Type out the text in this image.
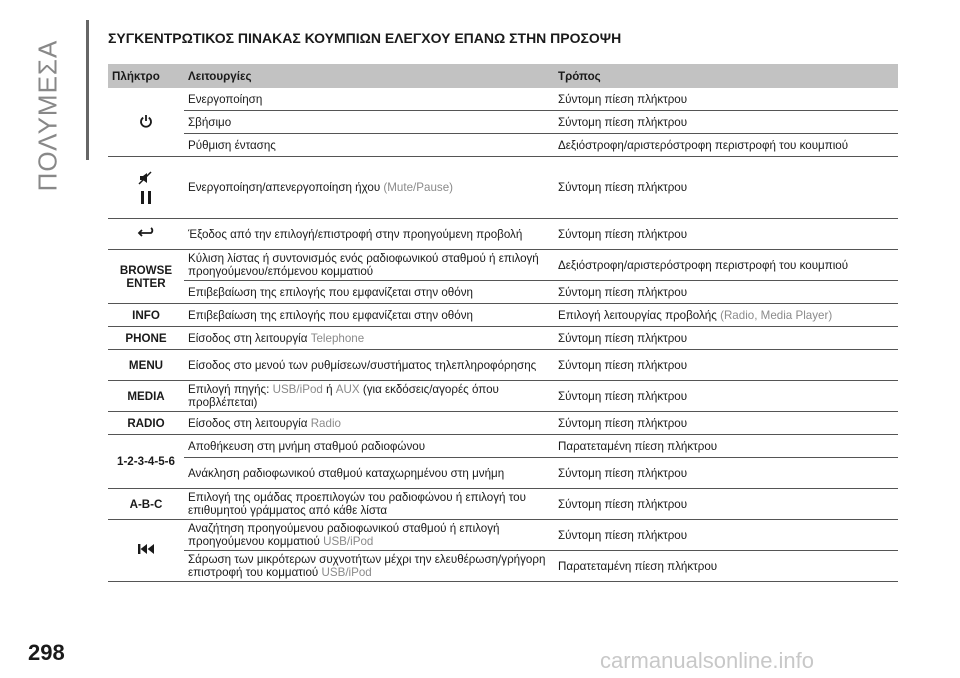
ΠΟΛΥΜΕΣΑ
298
ΣΥΓΚΕΝΤΡΩΤΙΚΟΣ ΠΙΝΑΚΑΣ ΚΟΥΜΠΙΩΝ ΕΛΕΓΧΟΥ ΕΠΑΝΩ ΣΤΗΝ ΠΡΟΣΟΨΗ
Πλήκτρο	Λειτουργίες	Τρόπος
	Ενεργοποίηση	Σύντομη πίεση πλήκτρου
	Σβήσιμο	Σύντομη πίεση πλήκτρου
	Ρύθμιση έντασης	Δεξιόστροφη/αριστερόστροφη περιστροφή του κουμπιού

	Ενεργοποίηση/απενεργοποίηση ήχου (Mute/Pause)	Σύντομη πίεση πλήκτρου
	Έξοδος από την επιλογή/επιστροφή στην προηγούμενη προβολή	Σύντομη πίεση πλήκτρου
BROWSE ENTER	Κύλιση λίστας ή συντονισμός ενός ραδιοφωνικού σταθμού ή επιλογή προηγούμενου/επόμενου κομματιού	Δεξιόστροφη/αριστερόστροφη περιστροφή του κουμπιού
	Επιβεβαίωση της επιλογής που εμφανίζεται στην οθόνη	Σύντομη πίεση πλήκτρου
INFO	Επιβεβαίωση της επιλογής που εμφανίζεται στην οθόνη	Επιλογή λειτουργίας προβολής (Radio, Media Player)
PHONE	Είσοδος στη λειτουργία Telephone	Σύντομη πίεση πλήκτρου
MENU	Είσοδος στο μενού των ρυθμίσεων/συστήματος τηλεπληροφόρησης	Σύντομη πίεση πλήκτρου
MEDIA	Επιλογή πηγής: USB/iPod ή AUX (για εκδόσεις/αγορές όπου προβλέπεται)	Σύντομη πίεση πλήκτρου
RADIO	Είσοδος στη λειτουργία Radio	Σύντομη πίεση πλήκτρου
1-2-3-4-5-6	Αποθήκευση στη μνήμη σταθμού ραδιοφώνου	Παρατεταμένη πίεση πλήκτρου
	Ανάκληση ραδιοφωνικού σταθμού καταχωρημένου στη μνήμη	Σύντομη πίεση πλήκτρου
A-B-C	Επιλογή της ομάδας προεπιλογών του ραδιοφώνου ή επιλογή του επιθυμητού γράμματος από κάθε λίστα	Σύντομη πίεση πλήκτρου
	Αναζήτηση προηγούμενου ραδιοφωνικού σταθμού ή επιλογή προηγούμενου κομματιού USB/iPod	Σύντομη πίεση πλήκτρου
	Σάρωση των μικρότερων συχνοτήτων μέχρι την ελευθέρωση/γρήγορη επιστροφή του κομματιού USB/iPod	Παρατεταμένη πίεση πλήκτρου
carmanualsonline.info
